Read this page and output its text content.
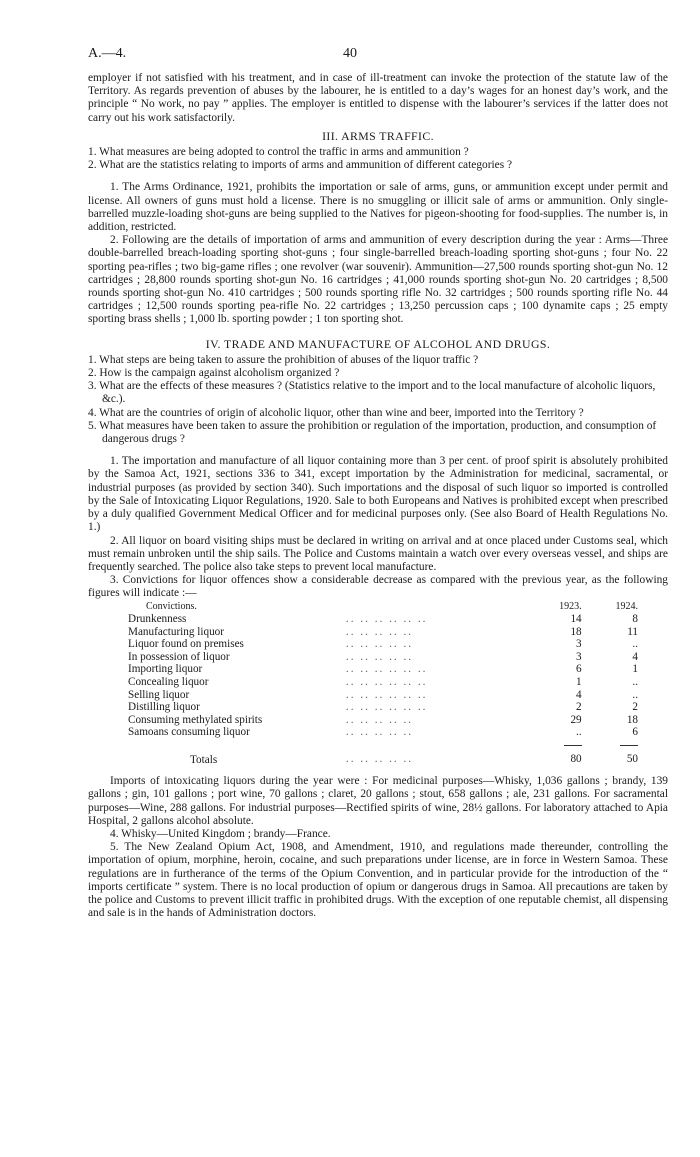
A.—4.	40

employer if not satisfied with his treatment, and in case of ill-treatment can invoke the protection of the statute law of the Territory. As regards prevention of abuses by the labourer, he is entitled to a day’s wages for an honest day’s work, and the principle “ No work, no pay ” applies. The employer is entitled to dispense with the labourer’s services if the latter does not carry out his work satisfactorily.

III. ARMS TRAFFIC.

1. What measures are being adopted to control the traffic in arms and ammunition ?

2. What are the statistics relating to imports of arms and ammunition of different categories ?

1. The Arms Ordinance, 1921, prohibits the importation or sale of arms, guns, or ammunition except under permit and license. All owners of guns must hold a license. There is no smuggling or illicit sale of arms or ammunition. Only single-barrelled muzzle-loading shot-guns are being supplied to the Natives for pigeon-shooting for food-supplies. The number is, in addition, restricted.

2. Following are the details of importation of arms and ammunition of every description during the year : Arms—Three double-barrelled breach-loading sporting shot-guns ; four single-barrelled breach-loading sporting shot-guns ; four No. 22 sporting pea-rifles ; two big-game rifles ; one revolver (war souvenir). Ammunition—27,500 rounds sporting shot-gun No. 12 cartridges ; 28,800 rounds sporting shot-gun No. 16 cartridges ; 41,000 rounds sporting shot-gun No. 20 cartridges ; 8,500 rounds sporting shot-gun No. 410 cartridges ; 500 rounds sporting rifle No. 32 cartridges ; 500 rounds sporting rifle No. 44 cartridges ; 12,500 rounds sporting pea-rifle No. 22 cartridges ; 13,250 percussion caps ; 100 dynamite caps ; 25 empty sporting brass shells ; 1,000 lb. sporting powder ; 1 ton sporting shot.

IV. TRADE AND MANUFACTURE OF ALCOHOL AND DRUGS.

1. What steps are being taken to assure the prohibition of abuses of the liquor traffic ?

2. How is the campaign against alcoholism organized ?

3. What are the effects of these measures ? (Statistics relative to the import and to the local manufacture of alcoholic liquors, &c.).

4. What are the countries of origin of alcoholic liquor, other than wine and beer, imported into the Territory ?

5. What measures have been taken to assure the prohibition or regulation of the importation, production, and consumption of dangerous drugs ?

1. The importation and manufacture of all liquor containing more than 3 per cent. of proof spirit is absolutely prohibited by the Samoa Act, 1921, sections 336 to 341, except importation by the Administration for medicinal, sacramental, or industrial purposes (as provided by section 340). Such importations and the disposal of such liquor so imported is controlled by the Sale of Intoxicating Liquor Regulations, 1920. Sale to both Europeans and Natives is prohibited except when prescribed by a duly qualified Government Medical Officer and for medicinal purposes only. (See also Board of Health Regulations No. 1.)

2. All liquor on board visiting ships must be declared in writing on arrival and at once placed under Customs seal, which must remain unbroken until the ship sails. The Police and Customs maintain a watch over every overseas vessel, and ships are frequently searched. The police also take steps to prevent local manufacture.

3. Convictions for liquor offences show a considerable decrease as compared with the previous year, as the following figures will indicate :—

Convictions.		1923.	1924.
Drunkenness	.. .. .. .. .. ..	14	8
Manufacturing liquor	.. .. .. .. ..	18	11
Liquor found on premises	.. .. .. .. ..	3	..
In possession of liquor	.. .. .. .. ..	3	4
Importing liquor	.. .. .. .. .. ..	6	1
Concealing liquor	.. .. .. .. .. ..	1	..
Selling liquor	.. .. .. .. .. ..	4	..
Distilling liquor	.. .. .. .. .. ..	2	2
Consuming methylated spirits	.. .. .. .. ..	29	18
Samoans consuming liquor	.. .. .. .. ..	..	6

Totals	.. .. .. .. ..	80	50

Imports of intoxicating liquors during the year were : For medicinal purposes—Whisky, 1,036 gallons ; brandy, 139 gallons ; gin, 101 gallons ; port wine, 70 gallons ; claret, 20 gallons ; stout, 658 gallons ; ale, 231 gallons. For sacramental purposes—Wine, 288 gallons. For industrial purposes—Rectified spirits of wine, 28½ gallons. For laboratory attached to Apia Hospital, 2 gallons alcohol absolute.

4. Whisky—United Kingdom ; brandy—France.

5. The New Zealand Opium Act, 1908, and Amendment, 1910, and regulations made thereunder, controlling the importation of opium, morphine, heroin, cocaine, and such preparations under license, are in force in Western Samoa. These regulations are in furtherance of the terms of the Opium Convention, and in particular provide for the introduction of the “ imports certificate ” system. There is no local production of opium or dangerous drugs in Samoa. All precautions are taken by the police and Customs to prevent illicit traffic in prohibited drugs. With the exception of one reputable chemist, all dispensing and sale is in the hands of Administration doctors.
